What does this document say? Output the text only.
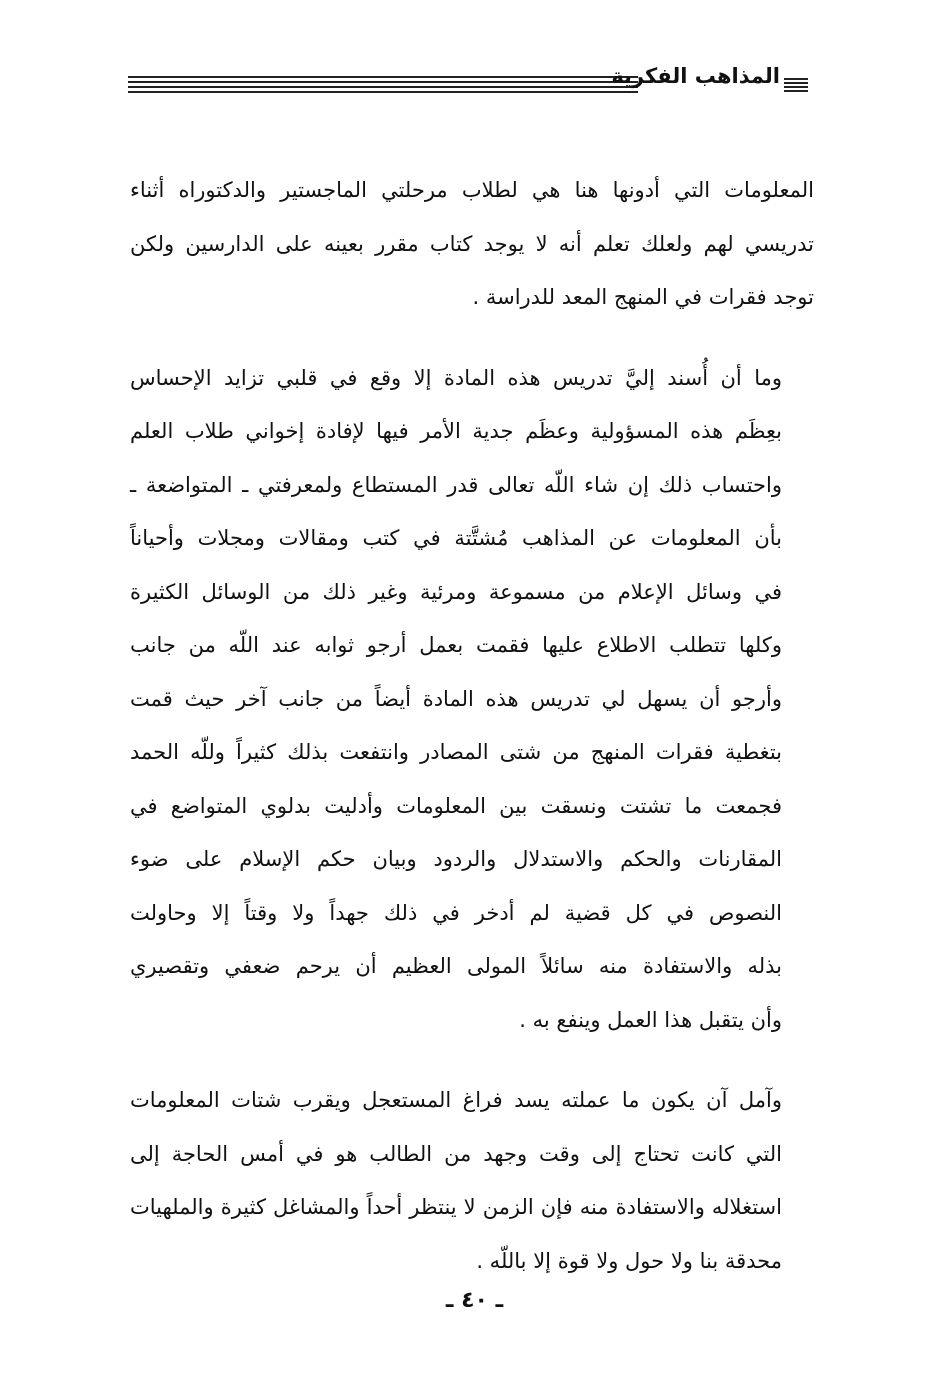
المذاهب الفكرية
المعلومات التي أدونها هنا هي لطلاب مرحلتي الماجستير والدكتوراه أثناء
تدريسي لهم ولعلك تعلم أنه لا يوجد كتاب مقرر بعينه على الدارسين ولكن
توجد فقرات في المنهج المعد للدراسة .
وما أن أُسند إليَّ تدريس هذه المادة إلا وقع في قلبي تزايد الإحساس
بعِظَم هذه المسؤولية وعظَم جدية الأمر فيها لإفادة إخواني طلاب العلم
واحتساب ذلك إن شاء اللّه تعالى قدر المستطاع ولمعرفتي ـ المتواضعة ـ
بأن المعلومات عن المذاهب مُشتَّتة في كتب ومقالات ومجلات وأحياناً
في وسائل الإعلام من مسموعة ومرئية وغير ذلك من الوسائل الكثيرة
وكلها تتطلب الاطلاع عليها فقمت بعمل أرجو ثوابه عند اللّه من جانب
وأرجو أن يسهل لي تدريس هذه المادة أيضاً من جانب آخر حيث قمت
بتغطية فقرات المنهج من شتى المصادر وانتفعت بذلك كثيراً وللّه الحمد
فجمعت ما تشتت ونسقت بين المعلومات وأدليت بدلوي المتواضع في
المقارنات والحكم والاستدلال والردود وبيان حكم الإسلام على ضوء
النصوص في كل قضية لم أدخر في ذلك جهداً ولا وقتاً إلا وحاولت
بذله والاستفادة منه سائلاً المولى العظيم أن يرحم ضعفي وتقصيري
وأن يتقبل هذا العمل وينفع به .
وآمل آن يكون ما عملته يسد فراغ المستعجل ويقرب شتات المعلومات
التي كانت تحتاج إلى وقت وجهد من الطالب هو في أمس الحاجة إلى
استغلاله والاستفادة منه فإن الزمن لا ينتظر أحداً والمشاغل كثيرة والملهيات
محدقة بنا ولا حول ولا قوة إلا باللّه .
ـ ٤٠ ـ
